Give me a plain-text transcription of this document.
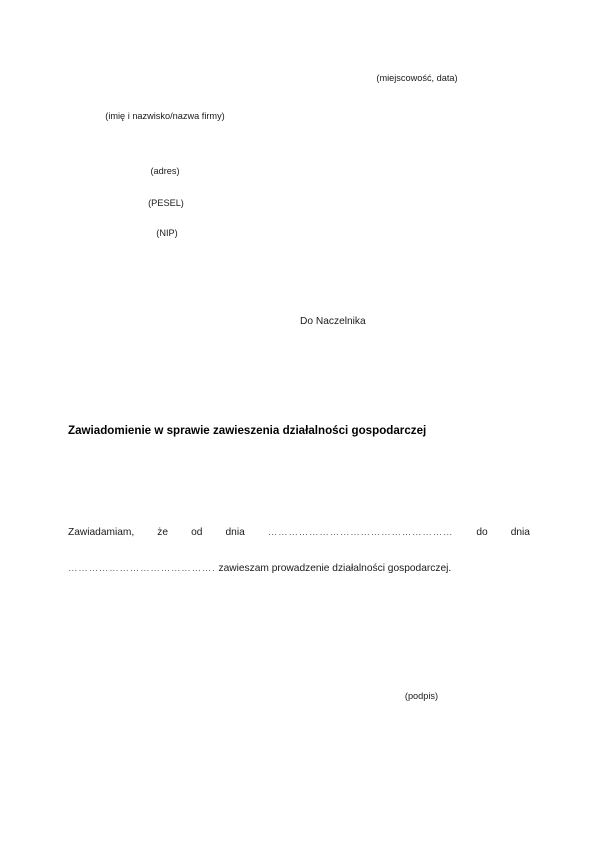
(miejscowość, data)
(imię i nazwisko/nazwa firmy)
(adres)
(PESEL)
(NIP)
Do Naczelnika
Zawiadomienie w sprawie zawieszenia działalności gospodarczej
Zawiadamiam, że od dnia ……………………………………………… do dnia ……………………………………. zawieszam prowadzenie działalności gospodarczej.
(podpis)
